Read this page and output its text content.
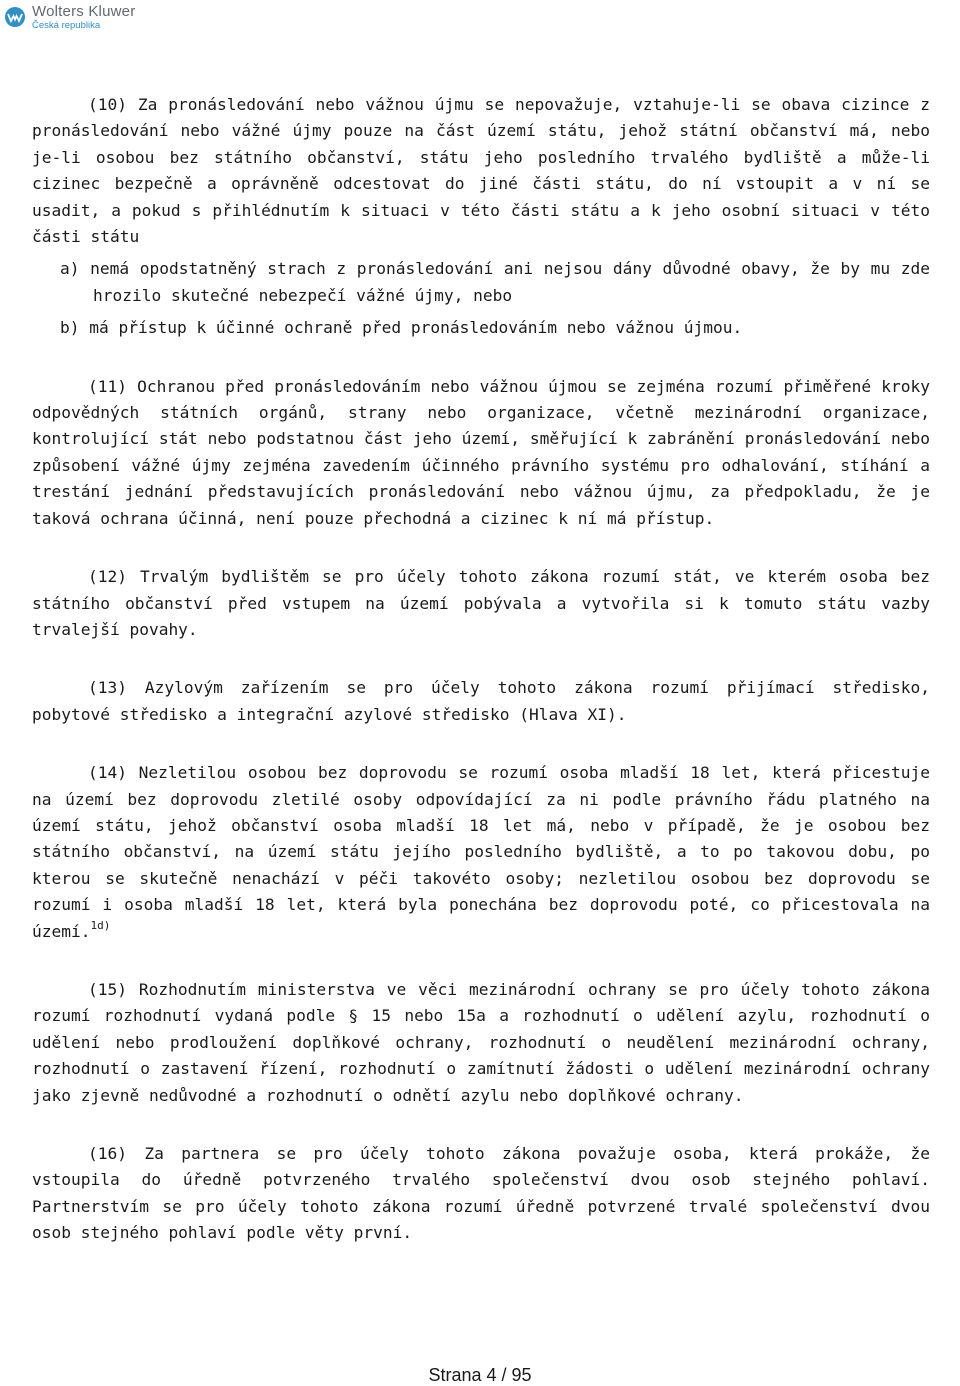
Wolters Kluwer
Česká republika

(10) Za pronásledování nebo vážnou újmu se nepovažuje, vztahuje-li se obava cizince z pronásledování nebo vážné újmy pouze na část území státu, jehož státní občanství má, nebo je-li osobou bez státního občanství, státu jeho posledního trvalého bydliště a může-li cizinec bezpečně a oprávněně odcestovat do jiné části státu, do ní vstoupit a v ní se usadit, a pokud s přihlédnutím k situaci v této části státu a k jeho osobní situaci v této části státu

a) nemá opodstatněný strach z pronásledování ani nejsou dány důvodné obavy, že by mu zde hrozilo skutečné nebezpečí vážné újmy, nebo

b) má přístup k účinné ochraně před pronásledováním nebo vážnou újmou.

(11) Ochranou před pronásledováním nebo vážnou újmou se zejména rozumí přiměřené kroky odpovědných státních orgánů, strany nebo organizace, včetně mezinárodní organizace, kontrolující stát nebo podstatnou část jeho území, směřující k zabránění pronásledování nebo způsobení vážné újmy zejména zavedením účinného právního systému pro odhalování, stíhání a trestání jednání představujících pronásledování nebo vážnou újmu, za předpokladu, že je taková ochrana účinná, není pouze přechodná a cizinec k ní má přístup.

(12) Trvalým bydlištěm se pro účely tohoto zákona rozumí stát, ve kterém osoba bez státního občanství před vstupem na území pobývala a vytvořila si k tomuto státu vazby trvalejší povahy.

(13) Azylovým zařízením se pro účely tohoto zákona rozumí přijímací středisko, pobytové středisko a integrační azylové středisko (Hlava XI).

(14) Nezletilou osobou bez doprovodu se rozumí osoba mladší 18 let, která přicestuje na území bez doprovodu zletilé osoby odpovídající za ni podle právního řádu platného na území státu, jehož občanství osoba mladší 18 let má, nebo v případě, že je osobou bez státního občanství, na území státu jejího posledního bydliště, a to po takovou dobu, po kterou se skutečně nenachází v péči takovéto osoby; nezletilou osobou bez doprovodu se rozumí i osoba mladší 18 let, která byla ponechána bez doprovodu poté, co přicestovala na území.$^{1d)}$

(15) Rozhodnutím ministerstva ve věci mezinárodní ochrany se pro účely tohoto zákona rozumí rozhodnutí vydaná podle § 15 nebo 15a a rozhodnutí o udělení azylu, rozhodnutí o udělení nebo prodloužení doplňkové ochrany, rozhodnutí o neudělení mezinárodní ochrany, rozhodnutí o zastavení řízení, rozhodnutí o zamítnutí žádosti o udělení mezinárodní ochrany jako zjevně nedůvodné a rozhodnutí o odnětí azylu nebo doplňkové ochrany.

(16) Za partnera se pro účely tohoto zákona považuje osoba, která prokáže, že vstoupila do úředně potvrzeného trvalého společenství dvou osob stejného pohlaví. Partnerstvím se pro účely tohoto zákona rozumí úředně potvrzené trvalé společenství dvou osob stejného pohlaví podle věty první.

Strana 4 / 95
